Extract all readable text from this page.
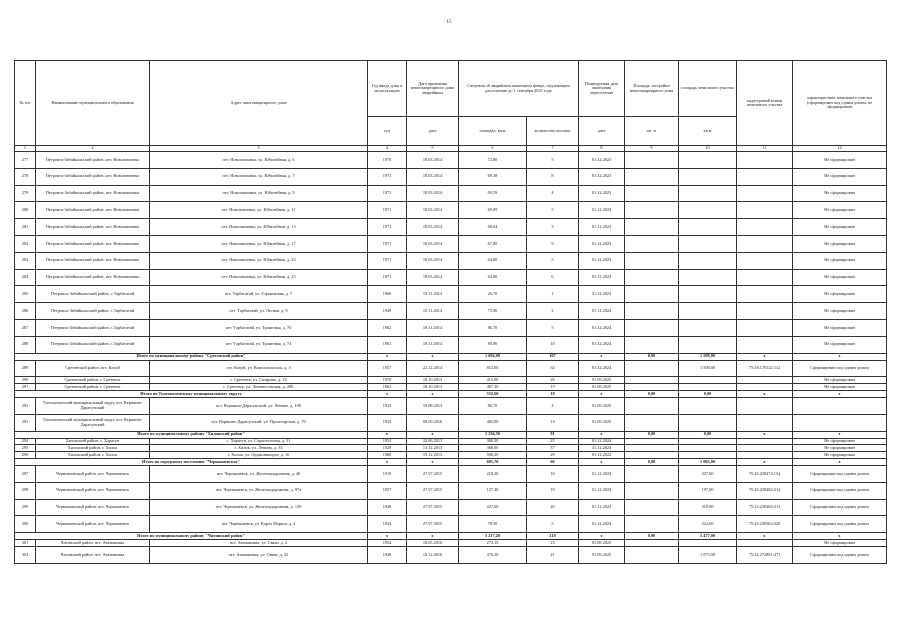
15
№ п/п	Наименование муниципального образования	Адрес многоквартирного дома	Год ввода дома в эксплуатацию	Дата признания многоквартирного дома аварийным	Сведения об аварийном жилищном фонде, подлежащем расселению до 1 сентября 2025 года		Планируемая дата окончания переселения	Площадь застройки многоквартирного дома	площадь земельного участка	кадастровый номер земельного участка	характеристика земельного участка (сформирован под одним домом, не сформирован)
			год	дата	площадь, кв.м	количество человек	дата	кв. м	кв.м		
1	2	3	4	5	6	7	8	9	10	11	12
277	Петровск-Забайкальский район, пгт. Новопавловка	пгт. Новопавловка, ул. Юбилейная, д. 6	1970	18.03.2014	72,80	5	01.12.2023				Не сформирован
278	Петровск-Забайкальский район, пгт. Новопавловка	пгт. Новопавловка, ул. Юбилейная, д. 7	1971	18.03.2014	69,38	8	01.12.2023				Не сформирован
279	Петровск-Забайкальский район, пгт. Новопавловка	пгт. Новопавловка, ул. Юбилейная, д. 9	1971	18.03.2014	69,59	4	01.12.2023				Не сформирован
280	Петровск-Забайкальский район, пгт. Новопавловка	пгт. Новопавловка, ул. Юбилейная, д. 11	1971	18.03.2014	69,09	5	01.12.2023				Не сформирован
281	Петровск-Забайкальский район, пгт. Новопавловка	пгт. Новопавловка, ул. Юбилейная, д. 13	1971	18.03.2014	68,64	3	01.12.2023				Не сформирован
282	Петровск-Забайкальский район, пгт. Новопавловка	пгт. Новопавловка, ул. Юбилейная, д. 17	1971	18.03.2014	67,80	9	01.12.2023				Не сформирован
283	Петровск-Забайкальский район, пгт. Новопавловка	пгт. Новопавловка, ул. Юбилейная, д. 23	1971	18.03.2014	64,80	5	01.12.2023				Не сформирован
284	Петровск-Забайкальский район, пгт. Новопавловка	пгт. Новопавловка, ул. Юбилейная, д. 25	1971	18.03.2014	64,80	6	01.12.2023				Не сформирован
285	Петровск-Забайкальский район, с.Тарбагатай	пгт. Тарбагатай, ул. Горьковская, д. 7	1960	10.11.2014	26,70	1	31.12.2023				Не сформирован
286	Петровск-Забайкальский район, с.Тарбагатай	пгт. Тарбагатай, ул. Лесная, д. 9	1949	10.11.2014	73,90	2	01.12.2024				Не сформирован
287	Петровск-Забайкальский район, с.Тарбагатай	пгт. Тарбагатай, ул. Трактовая, д. 70	1962	10.11.2014	86,70	5	01.12.2024				Не сформирован
288	Петровск-Забайкальский район, с.Тарбагатай	пгт. Тарбагатай, ул. Трактовая, д. 74	1961	10.11.2014	80,96	10	01.12.2024				Не сформирован
Итого по муниципальному району "Сретенский район"			x	x	1 694,90	107	x	0,00	1 508,00	x	x
289	Сретенский район, пгт. Кокуй	пгт. Кокуй, ул. Комсомольская, д. 3	1957	22.12.2014	812,60	62	01.12.2024		1 508,00	75:18:170122:112	Сформирован под одним домом
290	Сретенский район, г. Сретенск	г. Сретенск, ул. Гагарина, д. 18	1970	18.10.2013	415,00	26	01.09.2025				Не сформирован
291	Сретенский район, г. Сретенск	г. Сретенск, ул. Ломоносовская, д. 20Б	1963	18.10.2013	467,30	19	01.09.2025				Не сформирован
Итого по Тунгокоченскому муниципальному округу			x	x	552,60	18	x	0,00	0,00	x	x
292	Тунгокоченский муниципальный округ, пгт. Вершино-Дарасунский	пгт. Вершино-Дарасунский, ул. Ленина, д. 100	1932	19.08.2013	86,70	4	01.09.2025				
293	Тунгокоченский муниципальный округ, пгт. Вершино-Дарасунский	пгт. Вершино-Дарасунский, ул. Пролетарская, д. 79	1954	08.09.2016	465,90	14	01.09.2025				
Итого по муниципальному району "Хилокский район"			x	x	1 236,50	91	x	0,00	0,00	x	x
294	Хилокский район, с. Харагун	с. Харагун, ул. Строительная, д. 31	1954	22.06.2013	360,30	25	01.12.2024				Не сформирован
295	Хилокский район, г. Хилок	г. Хилок, ул. Ленина, д. 33	1929	13.12.2013	368,00	37	31.12.2023				Не сформирован
296	Хилокский район, г. Хилок	г. Хилок, ул. Орджоникидзе, д. 10	1960	15.12.2013	508,20	29	01.12.2022				Не сформирован
Итого по городскому поселению "Чернышевское"			x	x	691,70	66	x	0,00	1 065,00	x	x
297	Чернышевский район, пгт. Чернышевск	пгт. Чернышевск, ул. Железнодорожная, д. 40	1910	27.07.2015	218,30	16	01.12.2024		327,00	75:23:230474:154	Сформирован под одним домом
298	Чернышевский район, пгт. Чернышевск	пгт. Чернышевск, ул. Железнодорожная, д. 97а	1957	27.07.2015	137,30	19	01.12.2024		197,00	75:23:230484:314	Сформирован под одним домом
299	Чернышевский район, пгт. Чернышевск	пгт. Чернышевск, ул. Железнодорожная, д. 139	1938	27.07.2015	227,60	26	01.12.2024		319,00	75:23:230484:313	Сформирован под одним домом
300	Чернышевский район, пгт. Чернышевск	пгт. Чернышевск, ул. Карла Маркса, д. 4	1934	27.07.2015	78,50	5	01.12.2024		222,00	75:23:230563:329	Сформирован под одним домом
Итого по муниципальному району "Читинский район"			x	x	3 217,20	210	x	0,00	3 477,00	x	x
301	Читинский район, пгт. Атамановка	пгт. Атамановка, ул. Связи, д. 2	1954	18.05.2016	273,10	23	01.09.2025				Не сформирован
302	Читинский район, пгт. Атамановка	пгт. Атамановка, ул. Связи, д. 32	1938	16.12.2016	470,20	21	01.09.2025		1 875,00	75:22:272801:471	Сформирован под одним домом
